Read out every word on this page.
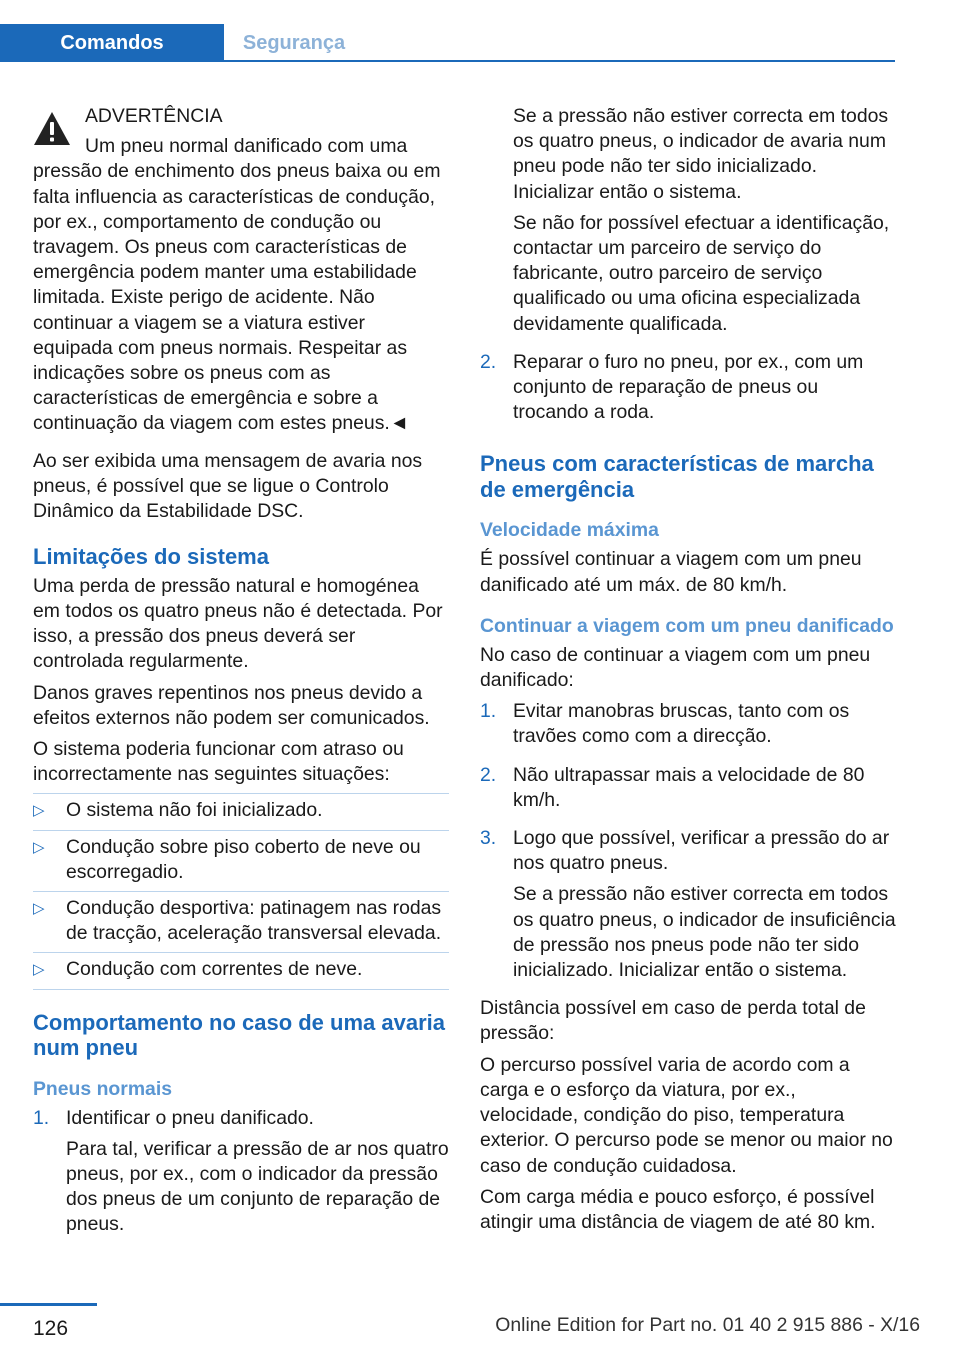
Comandos	Segurança
ADVERTÊNCIA
Um pneu normal danificado com uma pressão de enchimento dos pneus baixa ou em falta influencia as características de condução, por ex., comportamento de condução ou travagem. Os pneus com características de emergência podem manter uma estabilidade limitada. Existe perigo de acidente. Não continuar a viagem se a viatura estiver equipada com pneus normais. Respeitar as indicações sobre os pneus com as características de emergência e sobre a continuação da viagem com estes pneus.◄

Ao ser exibida uma mensagem de avaria nos pneus, é possível que se ligue o Controlo Dinâmico da Estabilidade DSC.

Limitações do sistema

Uma perda de pressão natural e homogénea em todos os quatro pneus não é detectada. Por isso, a pressão dos pneus deverá ser controlada regularmente.

Danos graves repentinos nos pneus devido a efeitos externos não podem ser comunicados.

O sistema poderia funcionar com atraso ou incorrectamente nas seguintes situações:

▷	O sistema não foi inicializado.
▷	Condução sobre piso coberto de neve ou escorregadio.
▷	Condução desportiva: patinagem nas rodas de tracção, aceleração transversal elevada.
▷	Condução com correntes de neve.
Comportamento no caso de uma avaria num pneu
Pneus normais
1. Identificar o pneu danificado.

Para tal, verificar a pressão de ar nos quatro pneus, por ex., com o indicador da pressão dos pneus de um conjunto de reparação de pneus.

Se a pressão não estiver correcta em todos os quatro pneus, o indicador de avaria num pneu pode não ter sido inicializado. Inicializar então o sistema.

Se não for possível efectuar a identificação, contactar um parceiro de serviço do fabricante, outro parceiro de serviço qualificado ou uma oficina especializada devidamente qualificada.

2. Reparar o furo no pneu, por ex., com um conjunto de reparação de pneus ou trocando a roda.

Pneus com características de marcha de emergência
Velocidade máxima

É possível continuar a viagem com um pneu danificado até um máx. de 80 km/h.

Continuar a viagem com um pneu danificado

No caso de continuar a viagem com um pneu danificado:

1. Evitar manobras bruscas, tanto com os travões como com a direcção.

2. Não ultrapassar mais a velocidade de 80 km/h.

3. Logo que possível, verificar a pressão do ar nos quatro pneus.

Se a pressão não estiver correcta em todos os quatro pneus, o indicador de insuficiência de pressão nos pneus pode não ter sido inicializado. Inicializar então o sistema.

Distância possível em caso de perda total de pressão:

O percurso possível varia de acordo com a carga e o esforço da viatura, por ex., velocidade, condição do piso, temperatura exterior. O percurso pode se menor ou maior no caso de condução cuidadosa.

Com carga média e pouco esforço, é possível atingir uma distância de viagem de até 80 km.

126	Online Edition for Part no. 01 40 2 915 886 - X/16
